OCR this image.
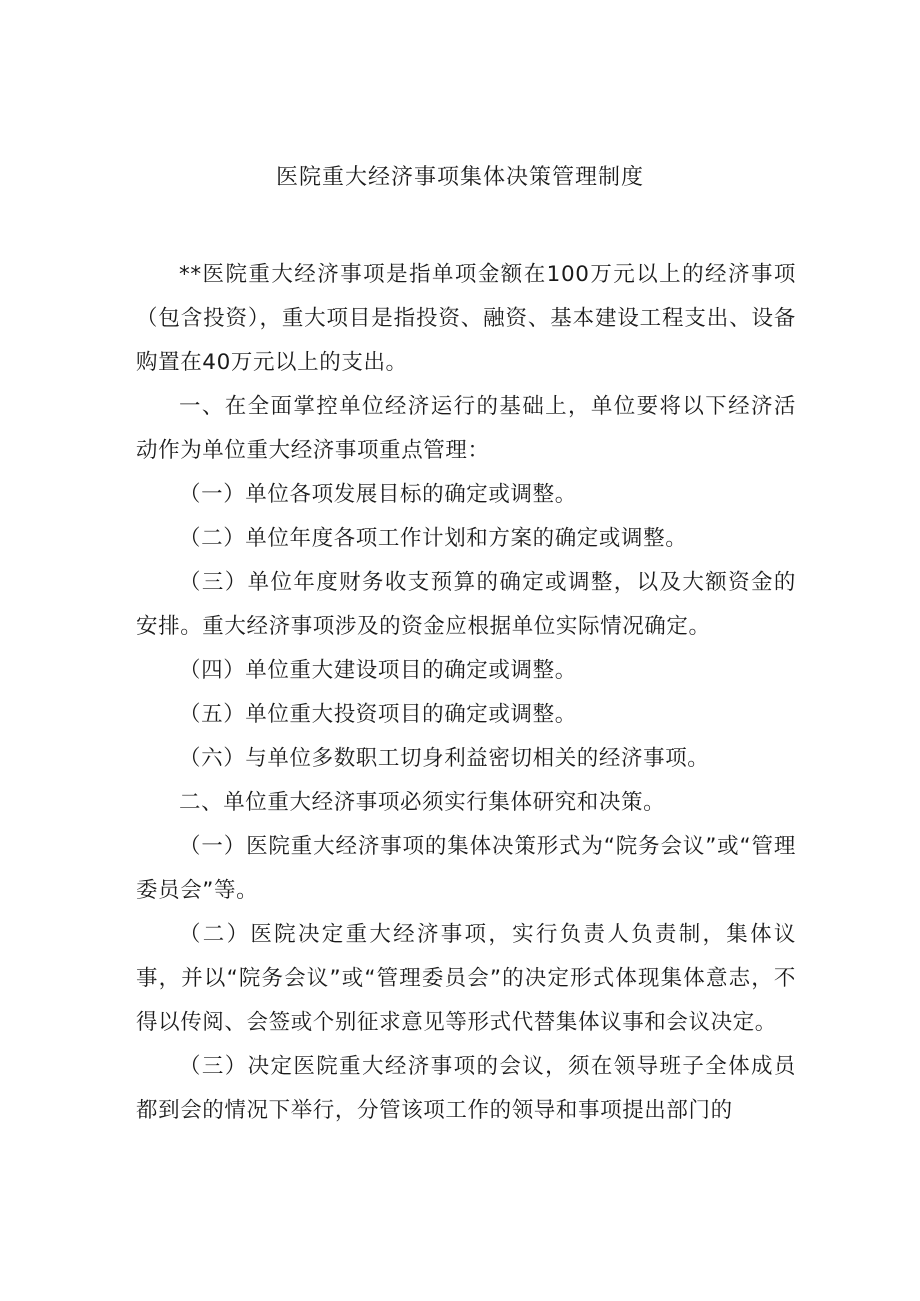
医院重大经济事项集体决策管理制度

**医院重大经济事项是指单项金额在100万元以上的经济事项（包含投资），重大项目是指投资、融资、基本建设工程支出、设备购置在40万元以上的支出。

一、在全面掌控单位经济运行的基础上，单位要将以下经济活动作为单位重大经济事项重点管理：

（一）单位各项发展目标的确定或调整。

（二）单位年度各项工作计划和方案的确定或调整。

（三）单位年度财务收支预算的确定或调整，以及大额资金的安排。重大经济事项涉及的资金应根据单位实际情况确定。

（四）单位重大建设项目的确定或调整。

（五）单位重大投资项目的确定或调整。

（六）与单位多数职工切身利益密切相关的经济事项。

二、单位重大经济事项必须实行集体研究和决策。

（一）医院重大经济事项的集体决策形式为“院务会议”或“管理委员会”等。

（二）医院决定重大经济事项，实行负责人负责制，集体议事，并以“院务会议”或“管理委员会”的决定形式体现集体意志，不得以传阅、会签或个别征求意见等形式代替集体议事和会议决定。

（三）决定医院重大经济事项的会议，须在领导班子全体成员都到会的情况下举行，分管该项工作的领导和事项提出部门的
